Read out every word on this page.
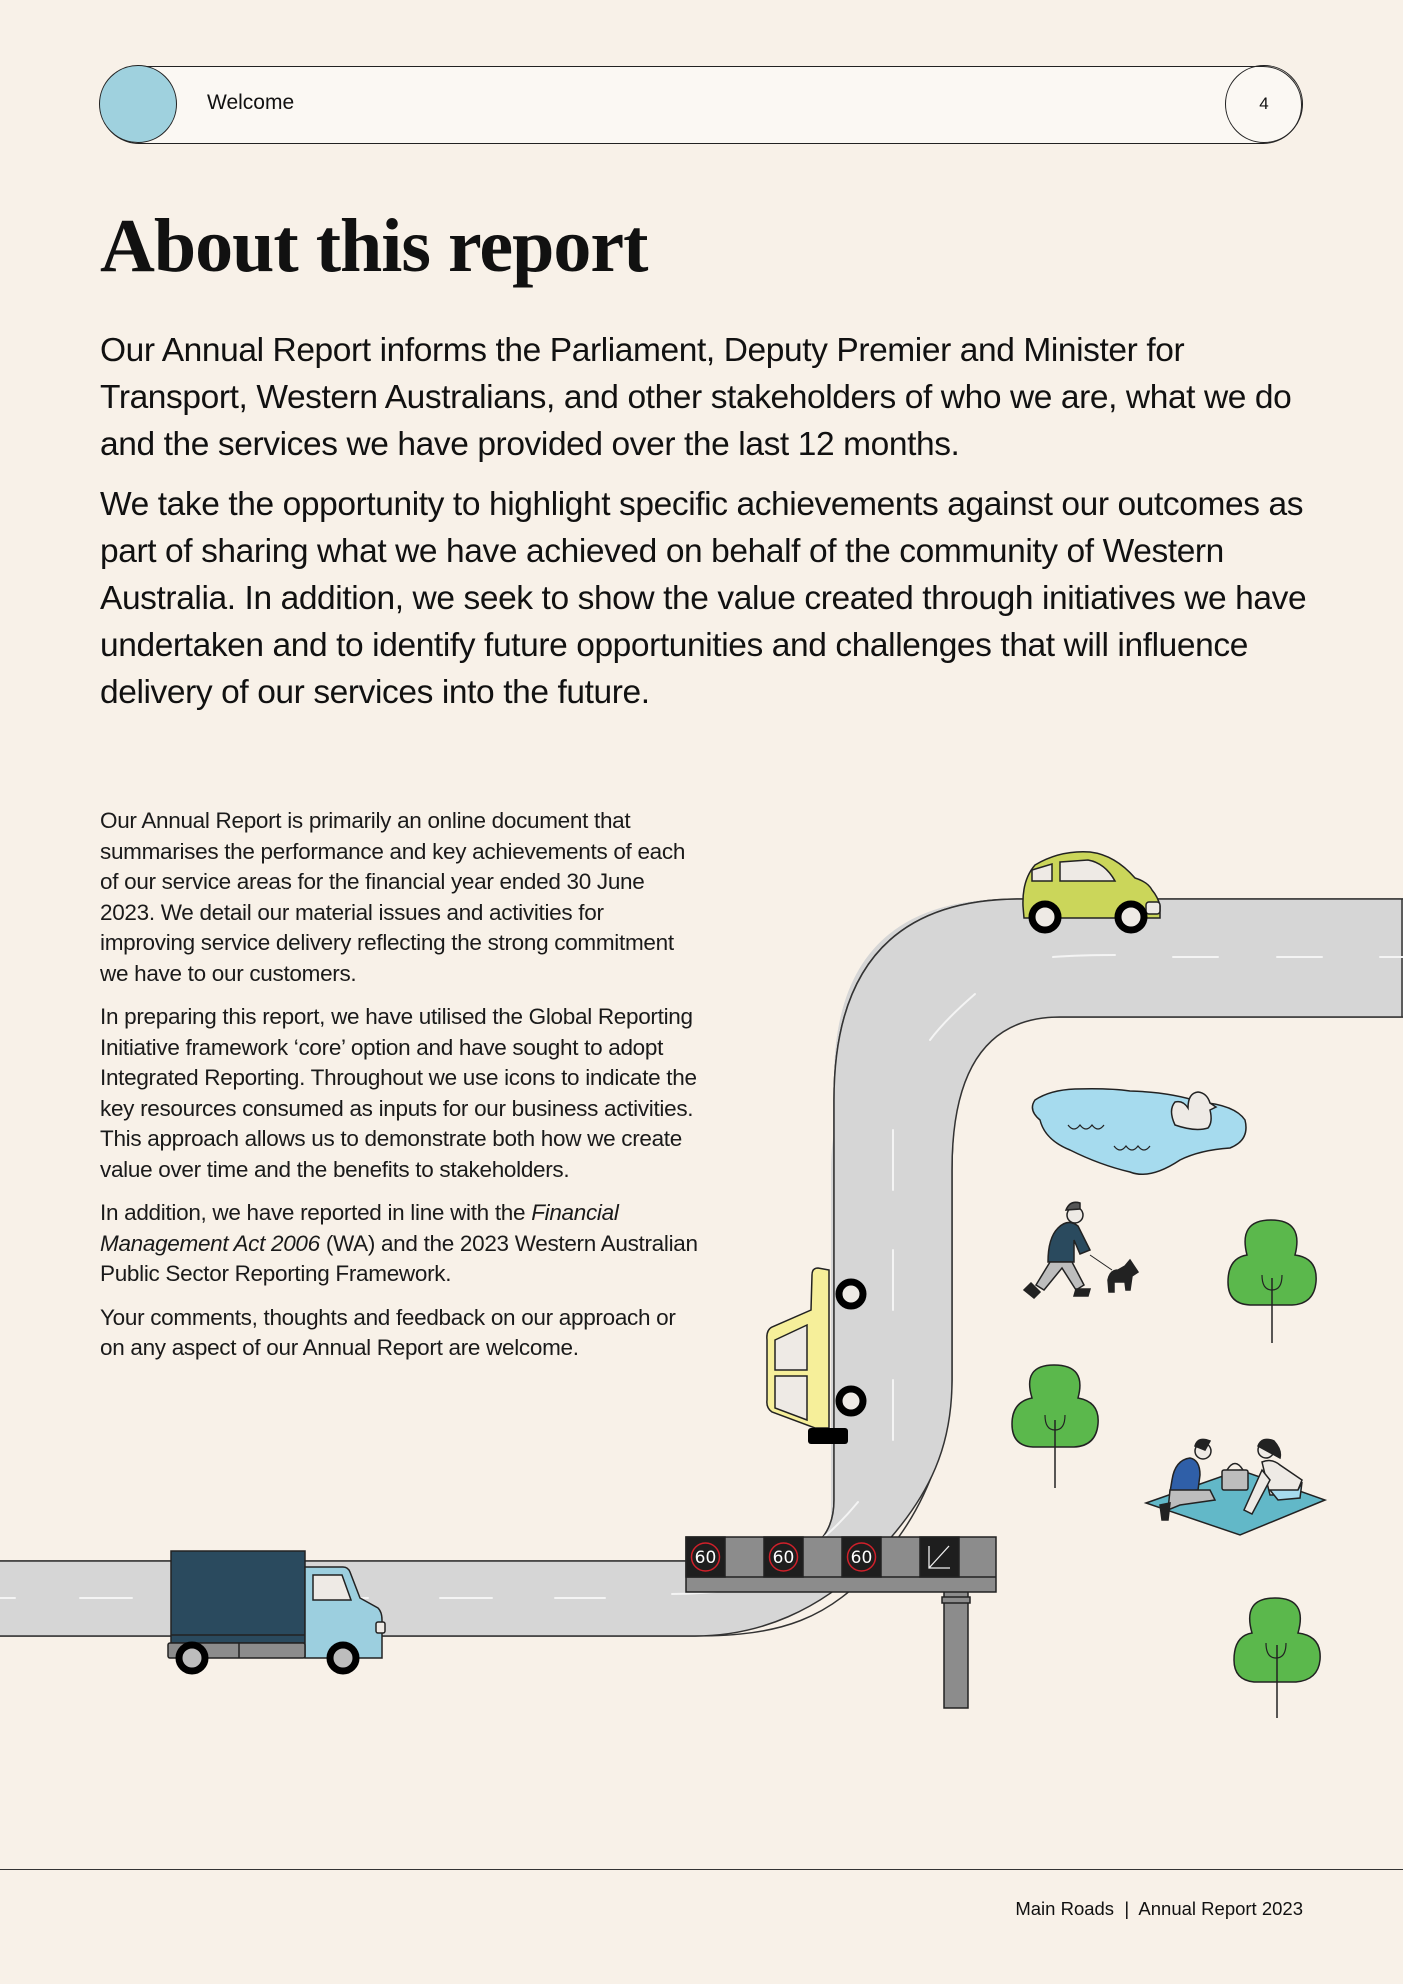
Welcome	4
About this report

Our Annual Report informs the Parliament, Deputy Premier and Minister for Transport, Western Australians, and other stakeholders of who we are, what we do and the services we have provided over the last 12 months.

We take the opportunity to highlight specific achievements against our outcomes as part of sharing what we have achieved on behalf of the community of Western Australia. In addition, we seek to show the value created through initiatives we have undertaken and to identify future opportunities and challenges that will influence delivery of our services into the future.

Our Annual Report is primarily an online document that summarises the performance and key achievements of each of our service areas for the financial year ended 30 June 2023. We detail our material issues and activities for improving service delivery reflecting the strong commitment we have to our customers.

In preparing this report, we have utilised the Global Reporting Initiative framework ‘core’ option and have sought to adopt Integrated Reporting. Throughout we use icons to indicate the key resources consumed as inputs for our business activities. This approach allows us to demonstrate both how we create value over time and the benefits to stakeholders.

In addition, we have reported in line with the Financial Management Act 2006 (WA) and the 2023 Western Australian Public Sector Reporting Framework.

Your comments, thoughts and feedback on our approach or on any aspect of our Annual Report are welcome.

60	60	60
Main Roads | Annual Report 2023
